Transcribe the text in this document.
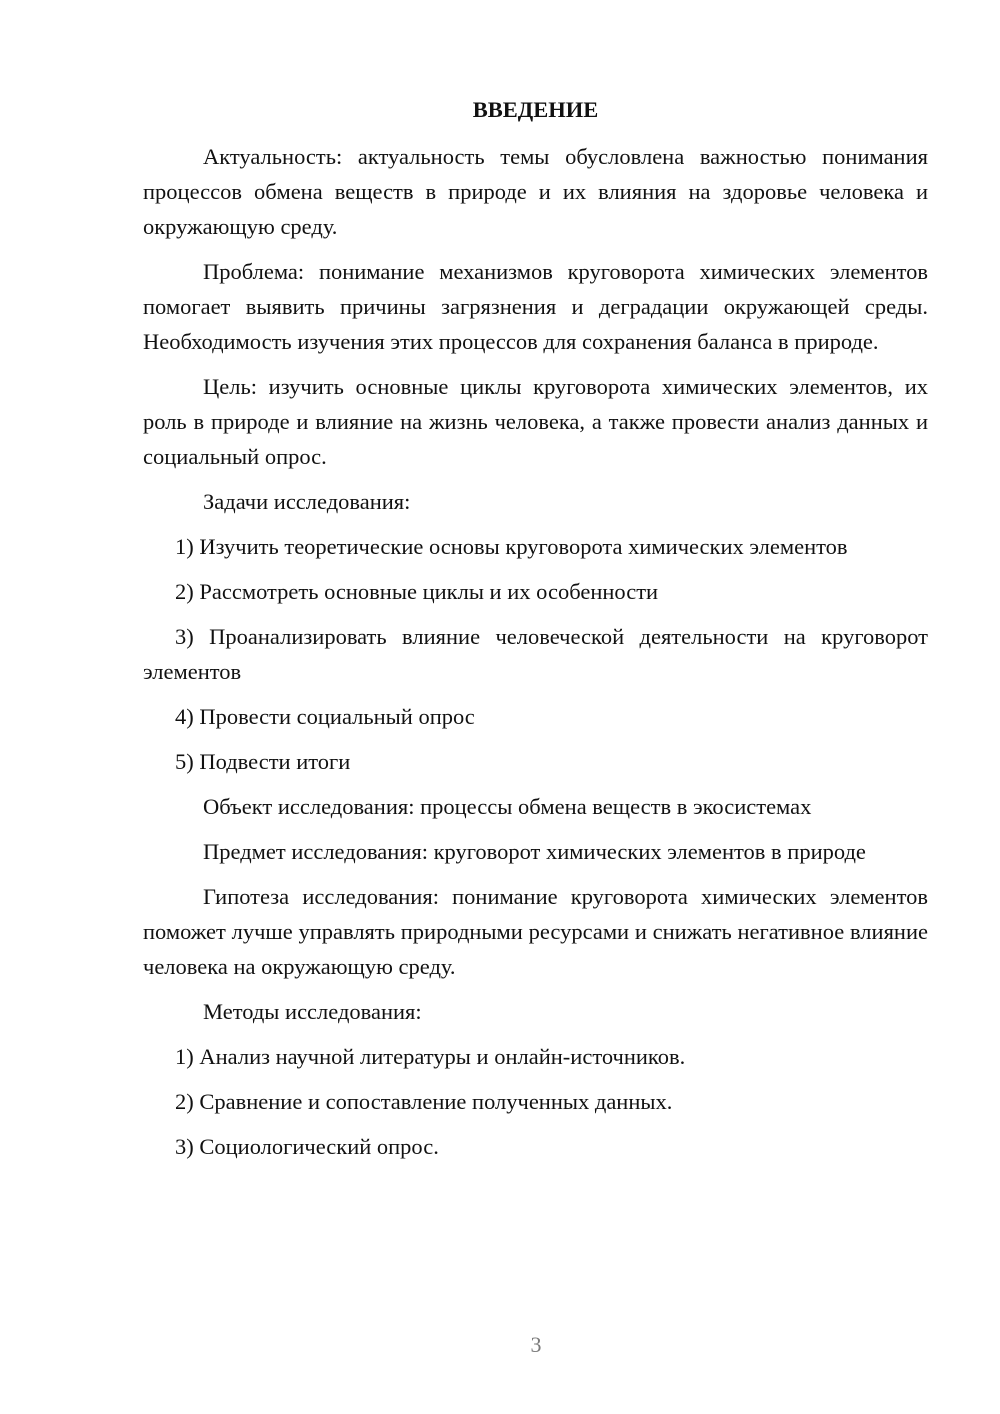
ВВЕДЕНИЕ
Актуальность: актуальность темы обусловлена важностью понимания процессов обмена веществ в природе и их влияния на здоровье человека и окружающую среду.
Проблема: понимание механизмов круговорота химических элементов помогает выявить причины загрязнения и деградации окружающей среды. Необходимость изучения этих процессов для сохранения баланса в природе.
Цель: изучить основные циклы круговорота химических элементов, их роль в природе и влияние на жизнь человека, а также провести анализ данных и социальный опрос.
Задачи исследования:
1) Изучить теоретические основы круговорота химических элементов
2) Рассмотреть основные циклы и их особенности
3) Проанализировать влияние человеческой деятельности на круговорот элементов
4) Провести социальный опрос
5) Подвести итоги
Объект исследования: процессы обмена веществ в экосистемах
Предмет исследования: круговорот химических элементов в природе
Гипотеза исследования: понимание круговорота химических элементов поможет лучше управлять природными ресурсами и снижать негативное влияние человека на окружающую среду.
Методы исследования:
1) Анализ научной литературы и онлайн-источников.
2) Сравнение и сопоставление полученных данных.
3) Социологический опрос.
3
